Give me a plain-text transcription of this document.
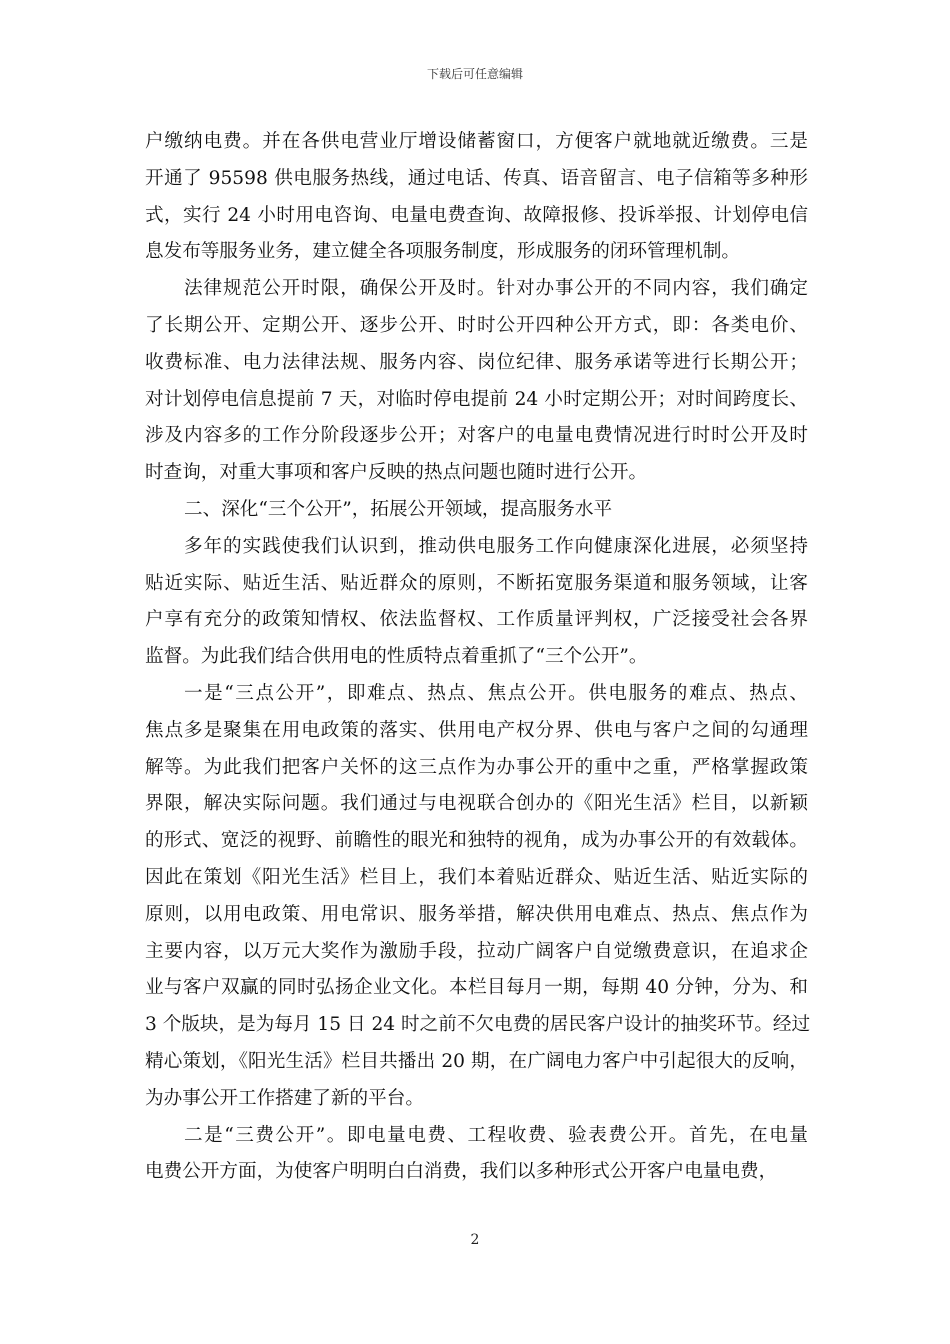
下载后可任意编辑
户缴纳电费。并在各供电营业厅增设储蓄窗口，方便客户就地就近缴费。三是
开通了 95598 供电服务热线，通过电话、传真、语音留言、电子信箱等多种形
式，实行 24 小时用电咨询、电量电费查询、故障报修、投诉举报、计划停电信
息发布等服务业务，建立健全各项服务制度，形成服务的闭环管理机制。
法律规范公开时限，确保公开及时。针对办事公开的不同内容，我们确定
了长期公开、定期公开、逐步公开、时时公开四种公开方式，即：各类电价、
收费标准、电力法律法规、服务内容、岗位纪律、服务承诺等进行长期公开；
对计划停电信息提前 7 天，对临时停电提前 24 小时定期公开；对时间跨度长、
涉及内容多的工作分阶段逐步公开；对客户的电量电费情况进行时时公开及时
时查询，对重大事项和客户反映的热点问题也随时进行公开。
二、深化“三个公开”，拓展公开领域，提高服务水平
多年的实践使我们认识到，推动供电服务工作向健康深化进展，必须坚持
贴近实际、贴近生活、贴近群众的原则，不断拓宽服务渠道和服务领域，让客
户享有充分的政策知情权、依法监督权、工作质量评判权，广泛接受社会各界
监督。为此我们结合供用电的性质特点着重抓了“三个公开”。
一是“三点公开”，即难点、热点、焦点公开。供电服务的难点、热点、
焦点多是聚集在用电政策的落实、供用电产权分界、供电与客户之间的勾通理
解等。为此我们把客户关怀的这三点作为办事公开的重中之重，严格掌握政策
界限，解决实际问题。我们通过与电视联合创办的《阳光生活》栏目，以新颖
的形式、宽泛的视野、前瞻性的眼光和独特的视角，成为办事公开的有效载体。
因此在策划《阳光生活》栏目上，我们本着贴近群众、贴近生活、贴近实际的
原则，以用电政策、用电常识、服务举措，解决供用电难点、热点、焦点作为
主要内容，以万元大奖作为激励手段，拉动广阔客户自觉缴费意识，在追求企
业与客户双赢的同时弘扬企业文化。本栏目每月一期，每期 40 分钟，分为、和
3 个版块，是为每月 15 日 24 时之前不欠电费的居民客户设计的抽奖环节。经过
精心策划，《阳光生活》栏目共播出 20 期，在广阔电力客户中引起很大的反响，
为办事公开工作搭建了新的平台。
二是“三费公开”。即电量电费、工程收费、验表费公开。首先，在电量
电费公开方面，为使客户明明白白消费，我们以多种形式公开客户电量电费，
2
